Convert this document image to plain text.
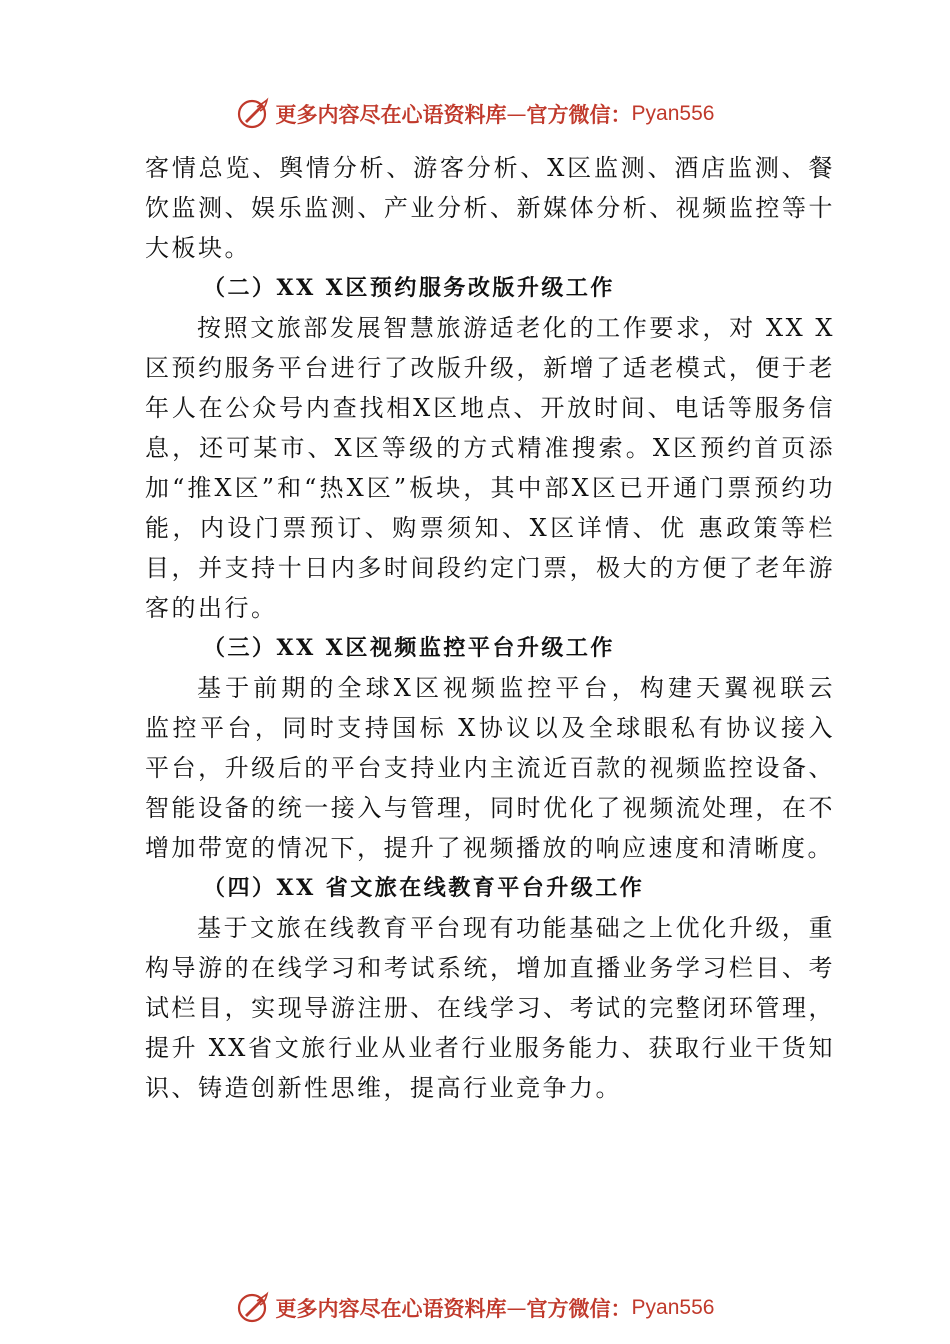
更多内容尽在心语资料库 — 官方微信： Pyan556

客情总览、舆情分析、游客分析、X区监测、酒店监测、餐饮监测、娱乐监测、产业分析、新媒体分析、视频监控等十大板块。

（二）XX X区预约服务改版升级工作

按照文旅部发展智慧旅游适老化的工作要求，对 XX X区预约服务平台进行了改版升级，新增了适老模式，便于老年人在公众号内查找相X区地点、开放时间、电话等服务信息，还可某市、X区等级的方式精准搜索。X区预约首页添加“推X区”和“热X区”板块，其中部X区已开通门票预约功能，内设门票预订、购票须知、X区详情、优 惠政策等栏目，并支持十日内多时间段约定门票，极大的方便了老年游客的出行。

（三）XX X区视频监控平台升级工作

基于前期的全球X区视频监控平台，构建天翼视联云 监控平台，同时支持国标 X协议以及全球眼私有协议接入平台，升级后的平台支持业内主流近百款的视频监控设备、智能设备的统一接入与管理，同时优化了视频流处理，在不增加带宽的情况下，提升了视频播放的响应速度和清晰度。

（四）XX 省文旅在线教育平台升级工作

基于文旅在线教育平台现有功能基础之上优化升级，重构导游的在线学习和考试系统，增加直播业务学习栏目、考试栏目，实现导游注册、在线学习、考试的完整闭环管理， 提升 XX省文旅行业从业者行业服务能力、获取行业干货知识、铸造创新性思维，提高行业竞争力。

更多内容尽在心语资料库 — 官方微信： Pyan556
